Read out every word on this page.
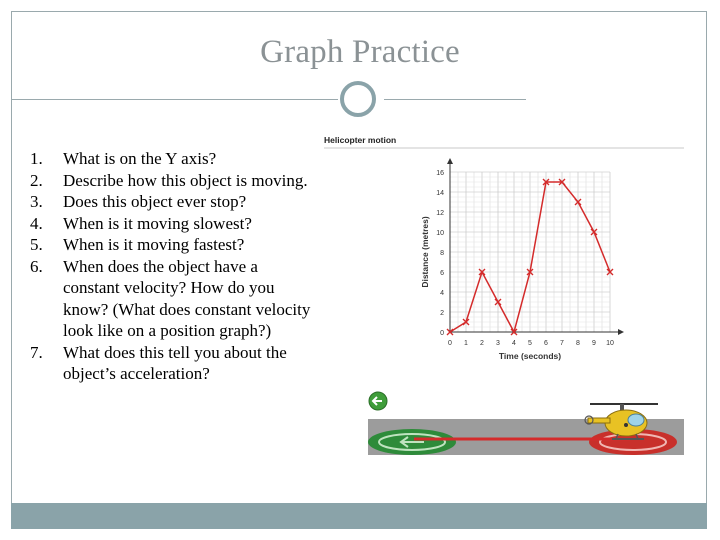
Graph Practice
1. What is on the Y axis?
2. Describe how this object is moving.
3. Does this object ever stop?
4. When is it moving slowest?
5. When is it moving fastest?
6. When does the object have a constant velocity? How do you know? (What does constant velocity look like on a position graph?)
7. What does this tell you about the object’s acceleration?
Helicopter motion
0
2
4
6
8
10
12
14
16
0 1 2 3 4 5 6 7 8 9 10
Distance (metres)
Time (seconds)
